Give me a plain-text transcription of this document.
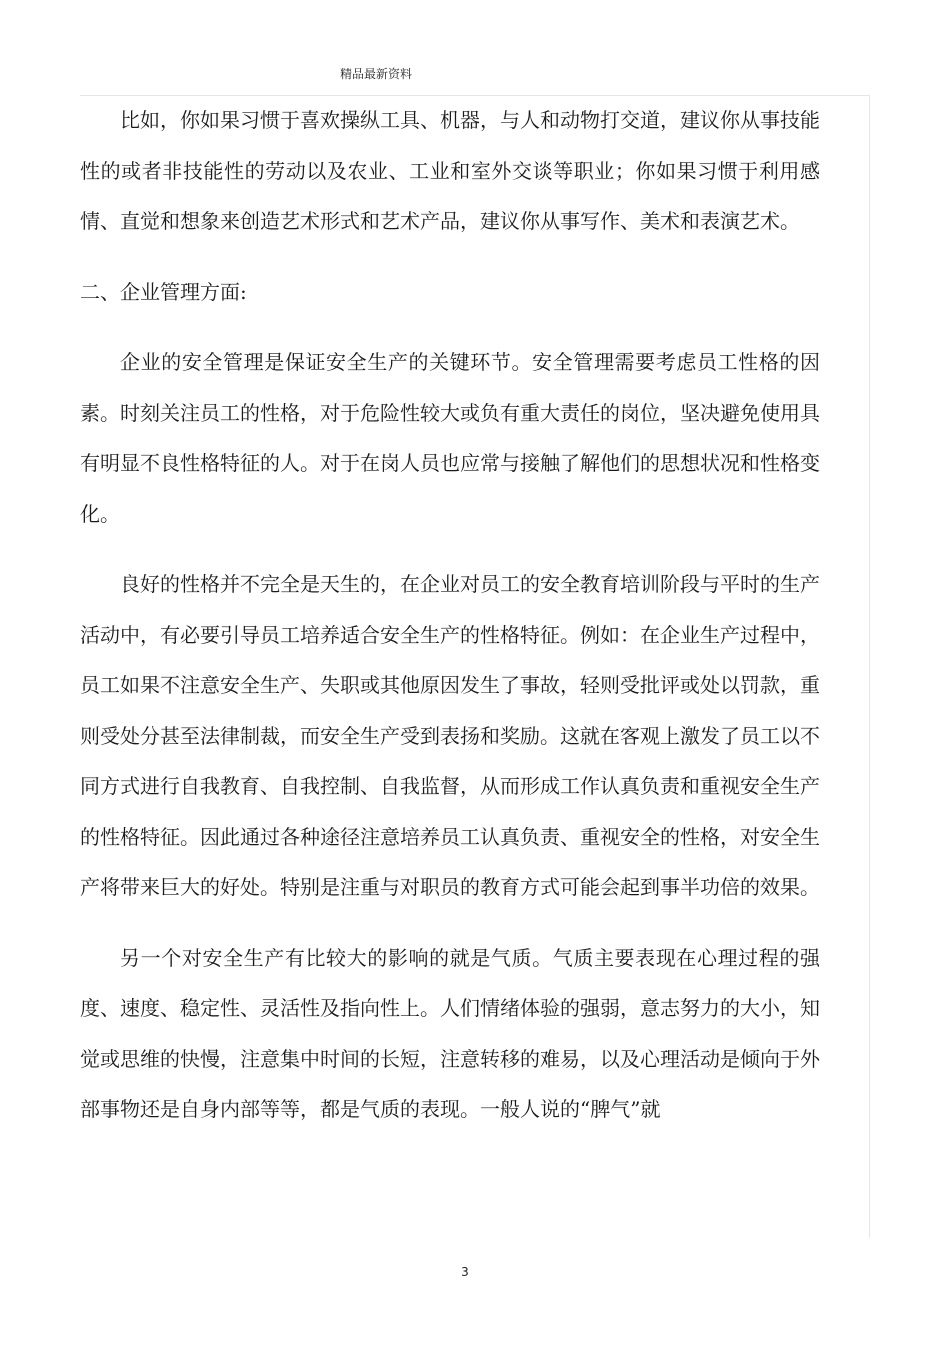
精品最新资料

比如，你如果习惯于喜欢操纵工具、机器，与人和动物打交道，建议你从事技能性的或者非技能性的劳动以及农业、工业和室外交谈等职业；你如果习惯于利用感情、直觉和想象来创造艺术形式和艺术产品，建议你从事写作、美术和表演艺术。

二、企业管理方面:

企业的安全管理是保证安全生产的关键环节。安全管理需要考虑员工性格的因素。时刻关注员工的性格，对于危险性较大或负有重大责任的岗位，坚决避免使用具有明显不良性格特征的人。对于在岗人员也应常与接触了解他们的思想状况和性格变化。

良好的性格并不完全是天生的，在企业对员工的安全教育培训阶段与平时的生产活动中，有必要引导员工培养适合安全生产的性格特征。例如：在企业生产过程中，员工如果不注意安全生产、失职或其他原因发生了事故，轻则受批评或处以罚款，重则受处分甚至法律制裁，而安全生产受到表扬和奖励。这就在客观上激发了员工以不同方式进行自我教育、自我控制、自我监督，从而形成工作认真负责和重视安全生产的性格特征。因此通过各种途径注意培养员工认真负责、重视安全的性格，对安全生产将带来巨大的好处。特别是注重与对职员的教育方式可能会起到事半功倍的效果。

另一个对安全生产有比较大的影响的就是气质。气质主要表现在心理过程的强度、速度、稳定性、灵活性及指向性上。人们情绪体验的强弱，意志努力的大小，知觉或思维的快慢，注意集中时间的长短，注意转移的难易，以及心理活动是倾向于外部事物还是自身内部等等，都是气质的表现。一般人说的“脾气”就

3
